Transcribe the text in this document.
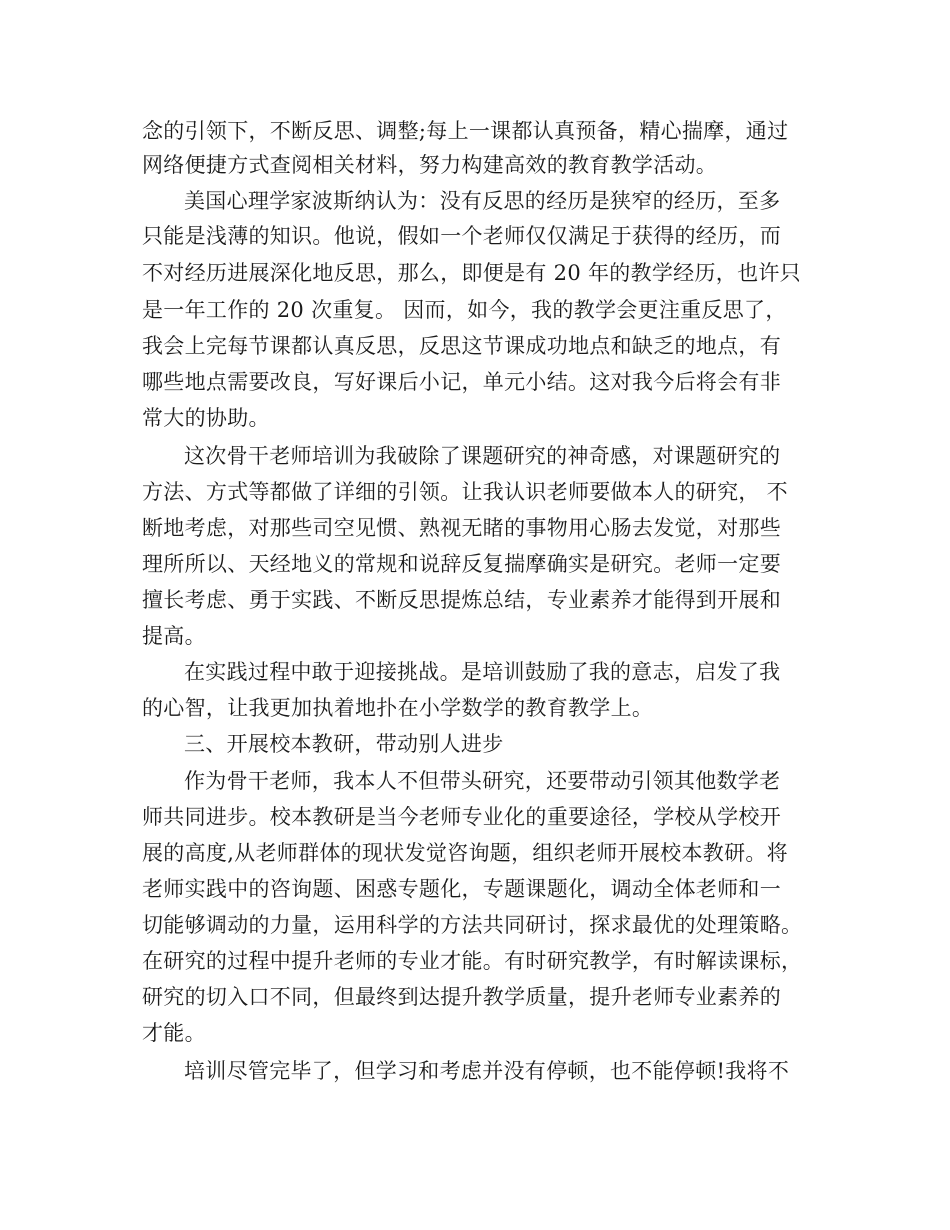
念的引领下，不断反思、调整;每上一课都认真预备，精心揣摩，通过

网络便捷方式查阅相关材料，努力构建高效的教育教学活动。

美国心理学家波斯纳认为：没有反思的经历是狭窄的经历，至多

只能是浅薄的知识。他说，假如一个老师仅仅满足于获得的经历，而

不对经历进展深化地反思，那么，即便是有 20 年的教学经历，也许只

是一年工作的 20 次重复。 因而，如今，我的教学会更注重反思了，

我会上完每节课都认真反思，反思这节课成功地点和缺乏的地点，有

哪些地点需要改良，写好课后小记，单元小结。这对我今后将会有非

常大的协助。

这次骨干老师培训为我破除了课题研究的神奇感，对课题研究的

方法、方式等都做了详细的引领。让我认识老师要做本人的研究， 不

断地考虑，对那些司空见惯、熟视无睹的事物用心肠去发觉，对那些

理所所以、天经地义的常规和说辞反复揣摩确实是研究。老师一定要

擅长考虑、勇于实践、不断反思提炼总结，专业素养才能得到开展和

提高。

在实践过程中敢于迎接挑战。是培训鼓励了我的意志，启发了我

的心智，让我更加执着地扑在小学数学的教育教学上。

三、开展校本教研，带动别人进步

作为骨干老师，我本人不但带头研究，还要带动引领其他数学老

师共同进步。校本教研是当今老师专业化的重要途径，学校从学校开

展的高度,从老师群体的现状发觉咨询题，组织老师开展校本教研。将

老师实践中的咨询题、困惑专题化，专题课题化，调动全体老师和一

切能够调动的力量，运用科学的方法共同研讨，探求最优的处理策略。

在研究的过程中提升老师的专业才能。有时研究教学，有时解读课标，

研究的切入口不同，但最终到达提升教学质量，提升老师专业素养的

才能。

培训尽管完毕了，但学习和考虑并没有停顿，也不能停顿!我将不
